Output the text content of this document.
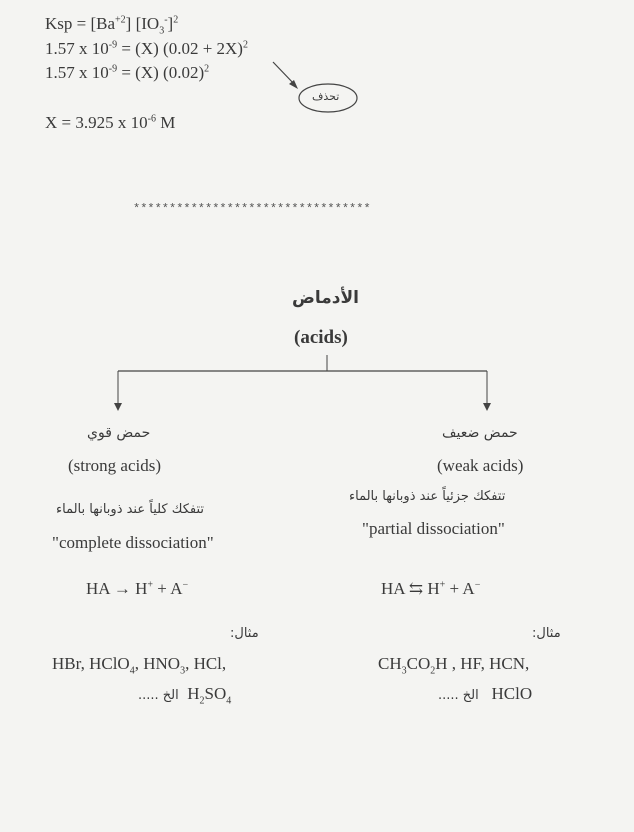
Ksp = $[Ba^{+2}]$ $[IO_3^-]^2$
1.57 x $10^{-9} = (X) (0.02 + 2X)^2$
1.57 x $10^{-9} = (X)$ $(0.02)^2$
X = 3.925 x $10^{-6}$ M
تحذف
*********************************
الأدماض
(acids)
حمض قوي
(strong acids)
تتفكك كلياً عند ذوبانها بالماء
"complete dissociation"
HA → H+ + A−
مثال:
HBr, HClO$_4$, $HNO_3$, HCl,
الخ ..... $H_2SO_4$
حمض ضعيف
(weak acids)
تتفكك جزئياً عند ذوبانها بالماء
"partial dissociation"
HA ⇆ H+ + A−
مثال:
$CH_3CO_2H$ , HF, HCN,
الخ ..... HClO
